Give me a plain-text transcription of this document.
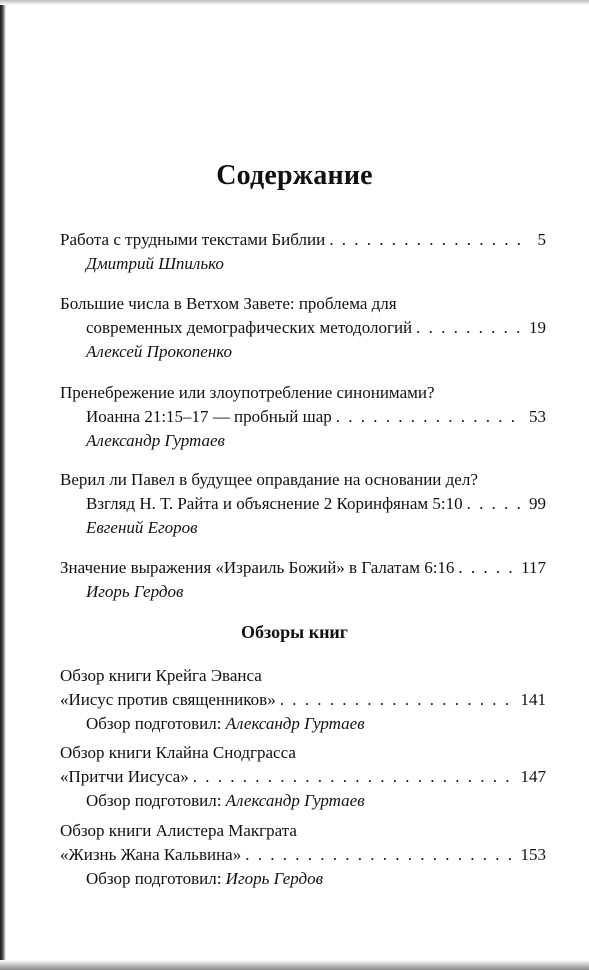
Содержание
Работа с трудными текстами Библии . . .	5
Дмитрий Шпилько
Большие числа в Ветхом Завете: проблема для
современных демографических методологий . . .	19
Алексей Прокопенко
Пренебрежение или злоупотребление синонимами?
Иоанна 21:15–17 — пробный шар . . .	53
Александр Гуртаев
Верил ли Павел в будущее оправдание на основании дел?
Взгляд Н. Т. Райта и объяснение 2 Коринфянам 5:10 . . .	99
Евгений Егоров
Значение выражения «Израиль Божий» в Галатам 6:16 . . .	117
Игорь Гердов
Обзоры книг
Обзор книги Крейга Эванса
«Иисус против священников» . . .	141
Обзор подготовил: Александр Гуртаев
Обзор книги Клайна Снодграсса
«Притчи Иисуса» . . .	147
Обзор подготовил: Александр Гуртаев
Обзор книги Алистера Макграта
«Жизнь Жана Кальвина» . . .	153
Обзор подготовил: Игорь Гердов
